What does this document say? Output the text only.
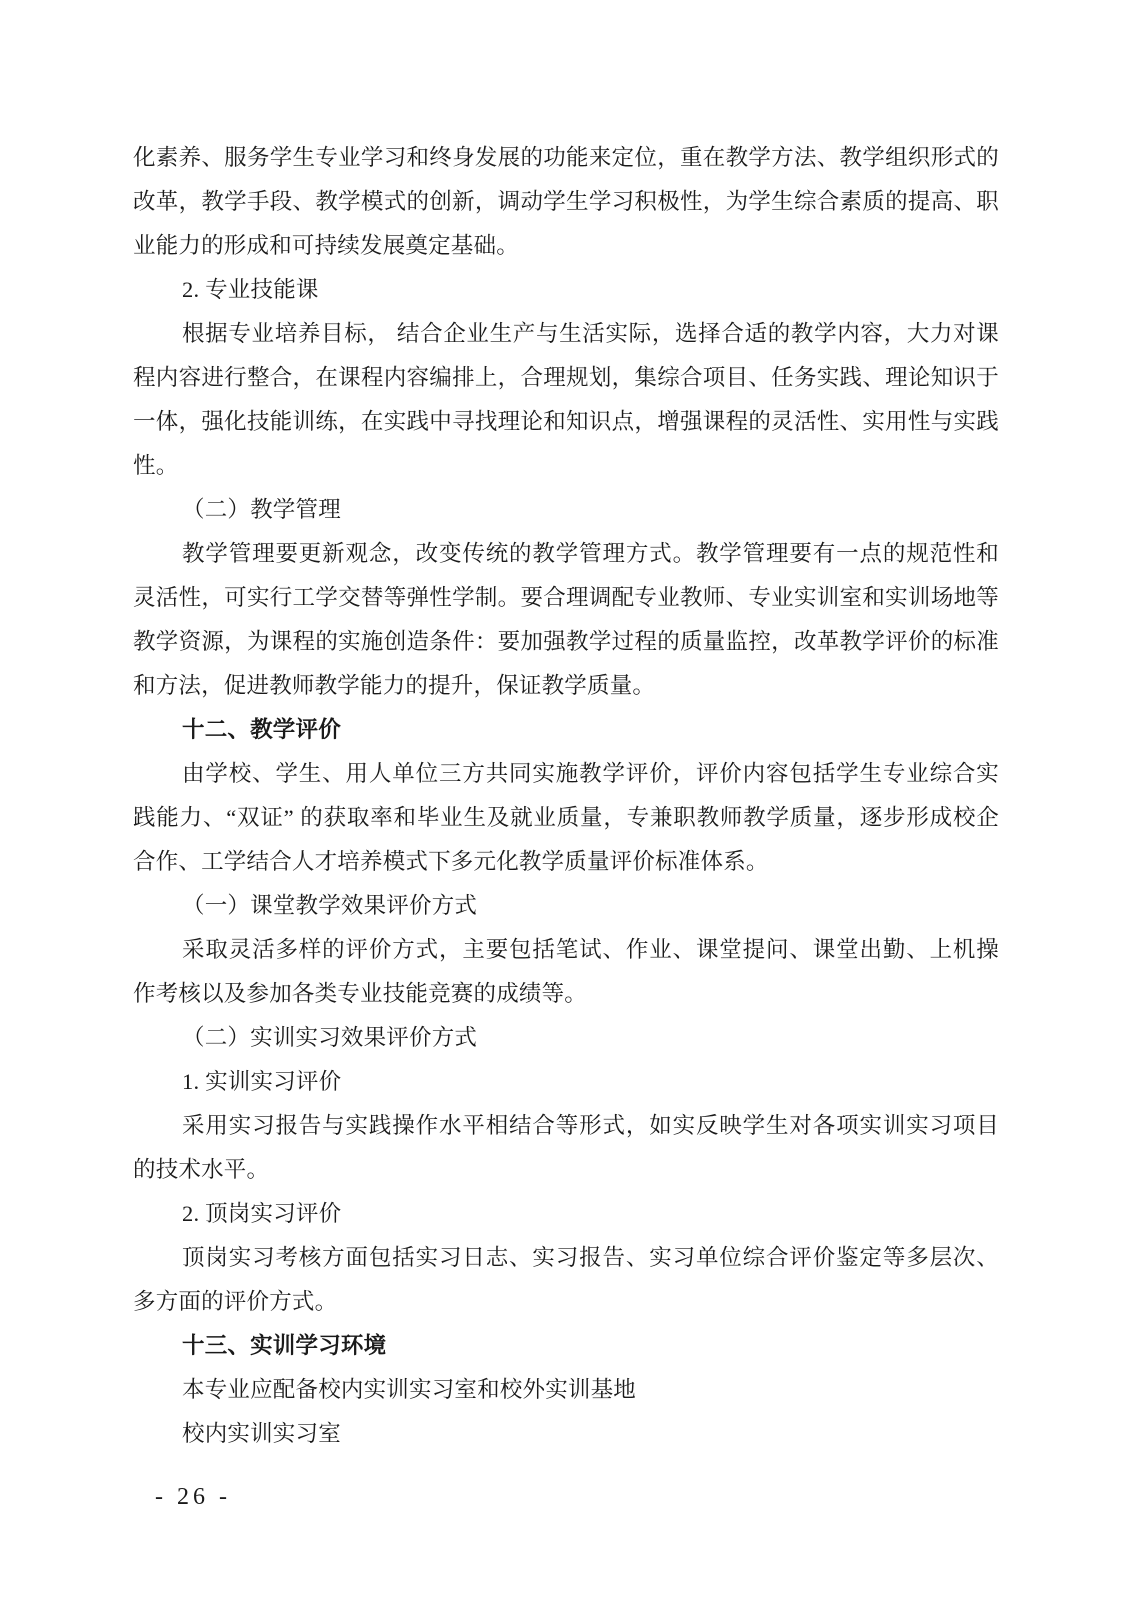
化素养、服务学生专业学习和终身发展的功能来定位，重在教学方法、教学组织形式的改革，教学手段、教学模式的创新，调动学生学习积极性，为学生综合素质的提高、职业能力的形成和可持续发展奠定基础。

2. 专业技能课

根据专业培养目标， 结合企业生产与生活实际，选择合适的教学内容，大力对课程内容进行整合，在课程内容编排上，合理规划，集综合项目、任务实践、理论知识于一体，强化技能训练，在实践中寻找理论和知识点，增强课程的灵活性、实用性与实践性。

（二）教学管理

教学管理要更新观念，改变传统的教学管理方式。教学管理要有一点的规范性和灵活性，可实行工学交替等弹性学制。要合理调配专业教师、专业实训室和实训场地等教学资源，为课程的实施创造条件：要加强教学过程的质量监控，改革教学评价的标准和方法，促进教师教学能力的提升，保证教学质量。

十二、教学评价

由学校、学生、用人单位三方共同实施教学评价，评价内容包括学生专业综合实践能力、“双证” 的获取率和毕业生及就业质量，专兼职教师教学质量，逐步形成校企合作、工学结合人才培养模式下多元化教学质量评价标准体系。

（一）课堂教学效果评价方式

采取灵活多样的评价方式，主要包括笔试、作业、课堂提问、课堂出勤、上机操作考核以及参加各类专业技能竞赛的成绩等。

（二）实训实习效果评价方式

1. 实训实习评价

采用实习报告与实践操作水平相结合等形式，如实反映学生对各项实训实习项目的技术水平。

2. 顶岗实习评价

顶岗实习考核方面包括实习日志、实习报告、实习单位综合评价鉴定等多层次、多方面的评价方式。

十三、实训学习环境

本专业应配备校内实训实习室和校外实训基地

校内实训实习室

- 26 -
